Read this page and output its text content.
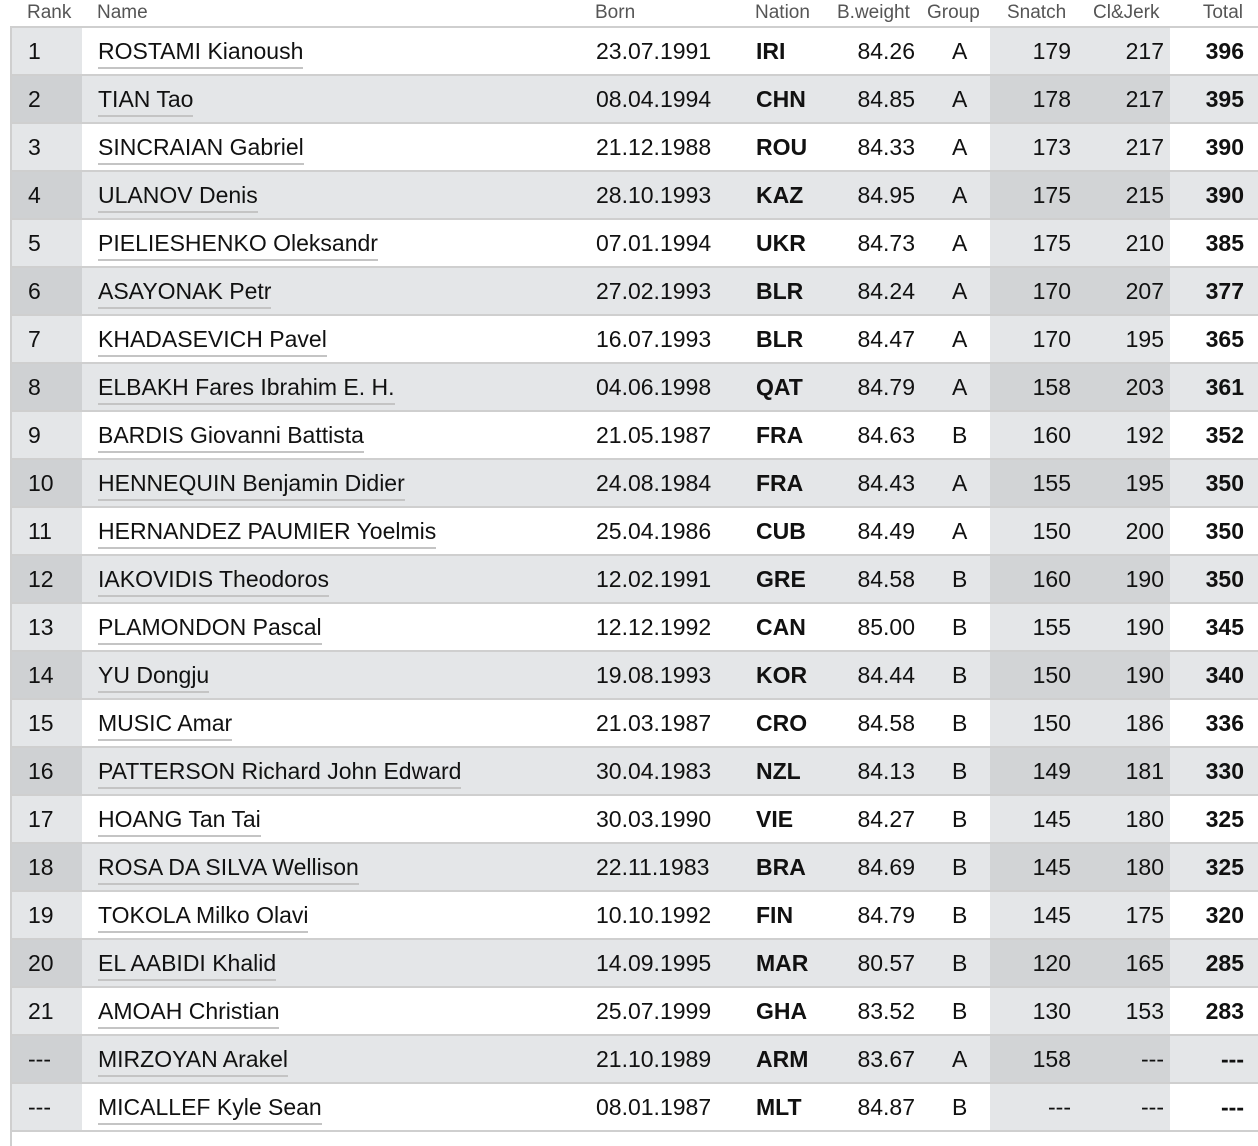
Rank Name	Born	Nation B.weight Group Snatch Cl&Jerk Total
1 ROSTAMI Kianoush	23.07.1991 IRI	84.26 A	179 217 396
2 TIAN Tao	08.04.1994 CHN 84.85 A	178 217 395
3 SINCRAIAN Gabriel	21.12.1988 ROU 84.33 A	173 217 390
4 ULANOV Denis	28.10.1993 KAZ 84.95 A	175 215 390
5 PIELIESHENKO Oleksandr	07.01.1994 UKR 84.73 A	175 210 385
6 ASAYONAK Petr	27.02.1993 BLR 84.24 A	170 207 377
7 KHADASEVICH Pavel	16.07.1993 BLR 84.47 A	170 195 365
8 ELBAKH Fares Ibrahim E. H.	04.06.1998 QAT 84.79 A	158 203 361
9 BARDIS Giovanni Battista	21.05.1987 FRA 84.63 B	160 192 352
10 HENNEQUIN Benjamin Didier	24.08.1984 FRA 84.43 A	155 195 350
11 HERNANDEZ PAUMIER Yoelmis	25.04.1986 CUB 84.49 A	150 200 350
12 IAKOVIDIS Theodoros	12.02.1991 GRE 84.58 B	160 190 350
13 PLAMONDON Pascal	12.12.1992 CAN 85.00 B	155 190 345
14 YU Dongju	19.08.1993 KOR 84.44 B	150 190 340
15 MUSIC Amar	21.03.1987 CRO 84.58 B	150 186 336
16 PATTERSON Richard John Edward	30.04.1983 NZL 84.13 B	149 181 330
17 HOANG Tan Tai	30.03.1990 VIE	84.27 B	145 180 325
18 ROSA DA SILVA Wellison	22.11.1983 BRA 84.69 B	145 180 325
19 TOKOLA Milko Olavi	10.10.1992 FIN	84.79 B	145 175 320
20 EL AABIDI Khalid	14.09.1995 MAR 80.57 B	120 165 285
21 AMOAH Christian	25.07.1999 GHA 83.52 B	130 153 283
--- MIRZOYAN Arakel	21.10.1989 ARM 83.67 A	158	--- ---
--- MICALLEF Kyle Sean	08.01.1987 MLT 84.87 B	---	--- ---
